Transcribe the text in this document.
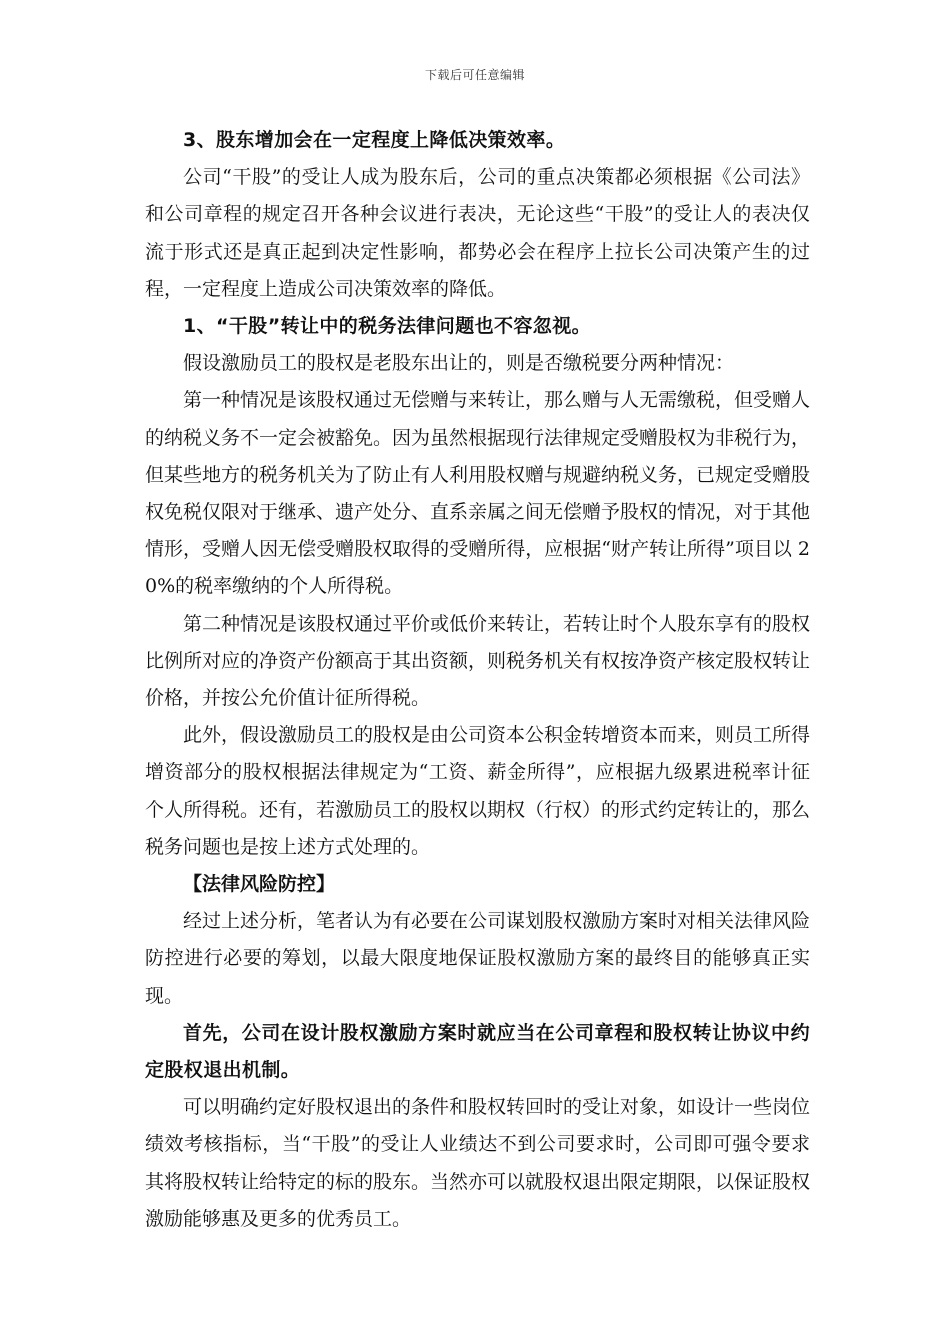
下载后可任意编辑

3、股东增加会在一定程度上降低决策效率。

公司“干股”的受让人成为股东后，公司的重点决策都必须根据《公司法》和公司章程的规定召开各种会议进行表决，无论这些“干股”的受让人的表决仅流于形式还是真正起到决定性影响，都势必会在程序上拉长公司决策产生的过程，一定程度上造成公司决策效率的降低。

1、“干股”转让中的税务法律问题也不容忽视。

假设激励员工的股权是老股东出让的，则是否缴税要分两种情况：

第一种情况是该股权通过无偿赠与来转让，那么赠与人无需缴税，但受赠人的纳税义务不一定会被豁免。因为虽然根据现行法律规定受赠股权为非税行为，但某些地方的税务机关为了防止有人利用股权赠与规避纳税义务，已规定受赠股权免税仅限对于继承、遗产处分、直系亲属之间无偿赠予股权的情况，对于其他情形，受赠人因无偿受赠股权取得的受赠所得，应根据“财产转让所得”项目以 20%的税率缴纳的个人所得税。

第二种情况是该股权通过平价或低价来转让，若转让时个人股东享有的股权比例所对应的净资产份额高于其出资额，则税务机关有权按净资产核定股权转让价格，并按公允价值计征所得税。

此外，假设激励员工的股权是由公司资本公积金转增资本而来，则员工所得增资部分的股权根据法律规定为“工资、薪金所得”，应根据九级累进税率计征个人所得税。还有，若激励员工的股权以期权（行权）的形式约定转让的，那么税务问题也是按上述方式处理的。

【法律风险防控】

经过上述分析，笔者认为有必要在公司谋划股权激励方案时对相关法律风险防控进行必要的筹划，以最大限度地保证股权激励方案的最终目的能够真正实现。

首先，公司在设计股权激励方案时就应当在公司章程和股权转让协议中约定股权退出机制。

可以明确约定好股权退出的条件和股权转回时的受让对象，如设计一些岗位绩效考核指标，当“干股”的受让人业绩达不到公司要求时，公司即可强令要求其将股权转让给特定的标的股东。当然亦可以就股权退出限定期限，以保证股权激励能够惠及更多的优秀员工。
